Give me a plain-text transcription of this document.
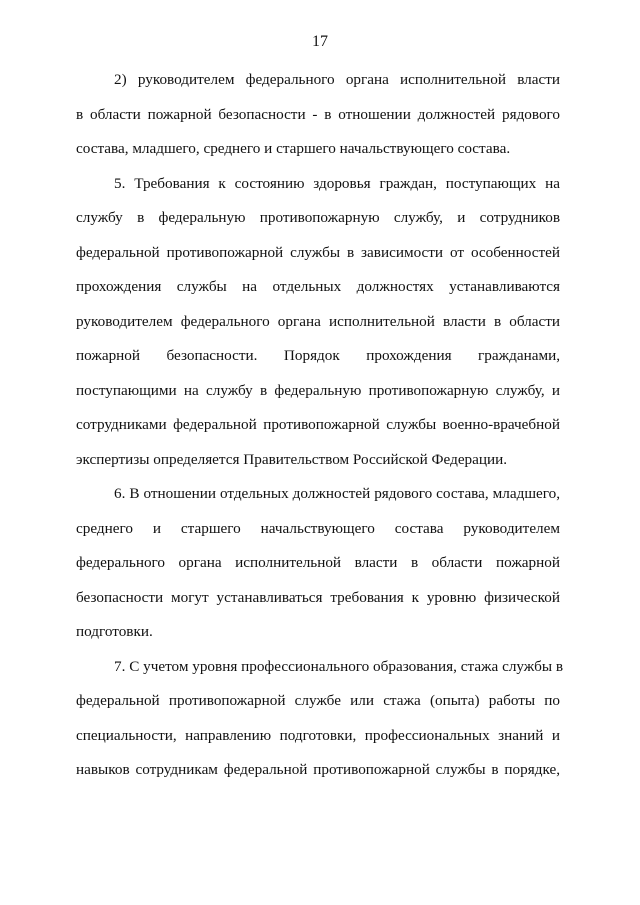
17
2) руководителем федерального органа исполнительной власти
в области пожарной безопасности - в отношении должностей рядового
состава, младшего, среднего и старшего начальствующего состава.
5. Требования к состоянию здоровья граждан, поступающих на
службу в федеральную противопожарную службу, и сотрудников
федеральной противопожарной службы в зависимости от особенностей
прохождения службы на отдельных должностях устанавливаются
руководителем федерального органа исполнительной власти в области
пожарной безопасности. Порядок прохождения гражданами,
поступающими на службу в федеральную противопожарную службу, и
сотрудниками федеральной противопожарной службы военно-врачебной
экспертизы определяется Правительством Российской Федерации.
6. В отношении отдельных должностей рядового состава, младшего,
среднего и старшего начальствующего состава руководителем
федерального органа исполнительной власти в области пожарной
безопасности могут устанавливаться требования к уровню физической
подготовки.
7. С учетом уровня профессионального образования, стажа службы в
федеральной противопожарной службе или стажа (опыта) работы по
специальности, направлению подготовки, профессиональных знаний и
навыков сотрудникам федеральной противопожарной службы в порядке,
